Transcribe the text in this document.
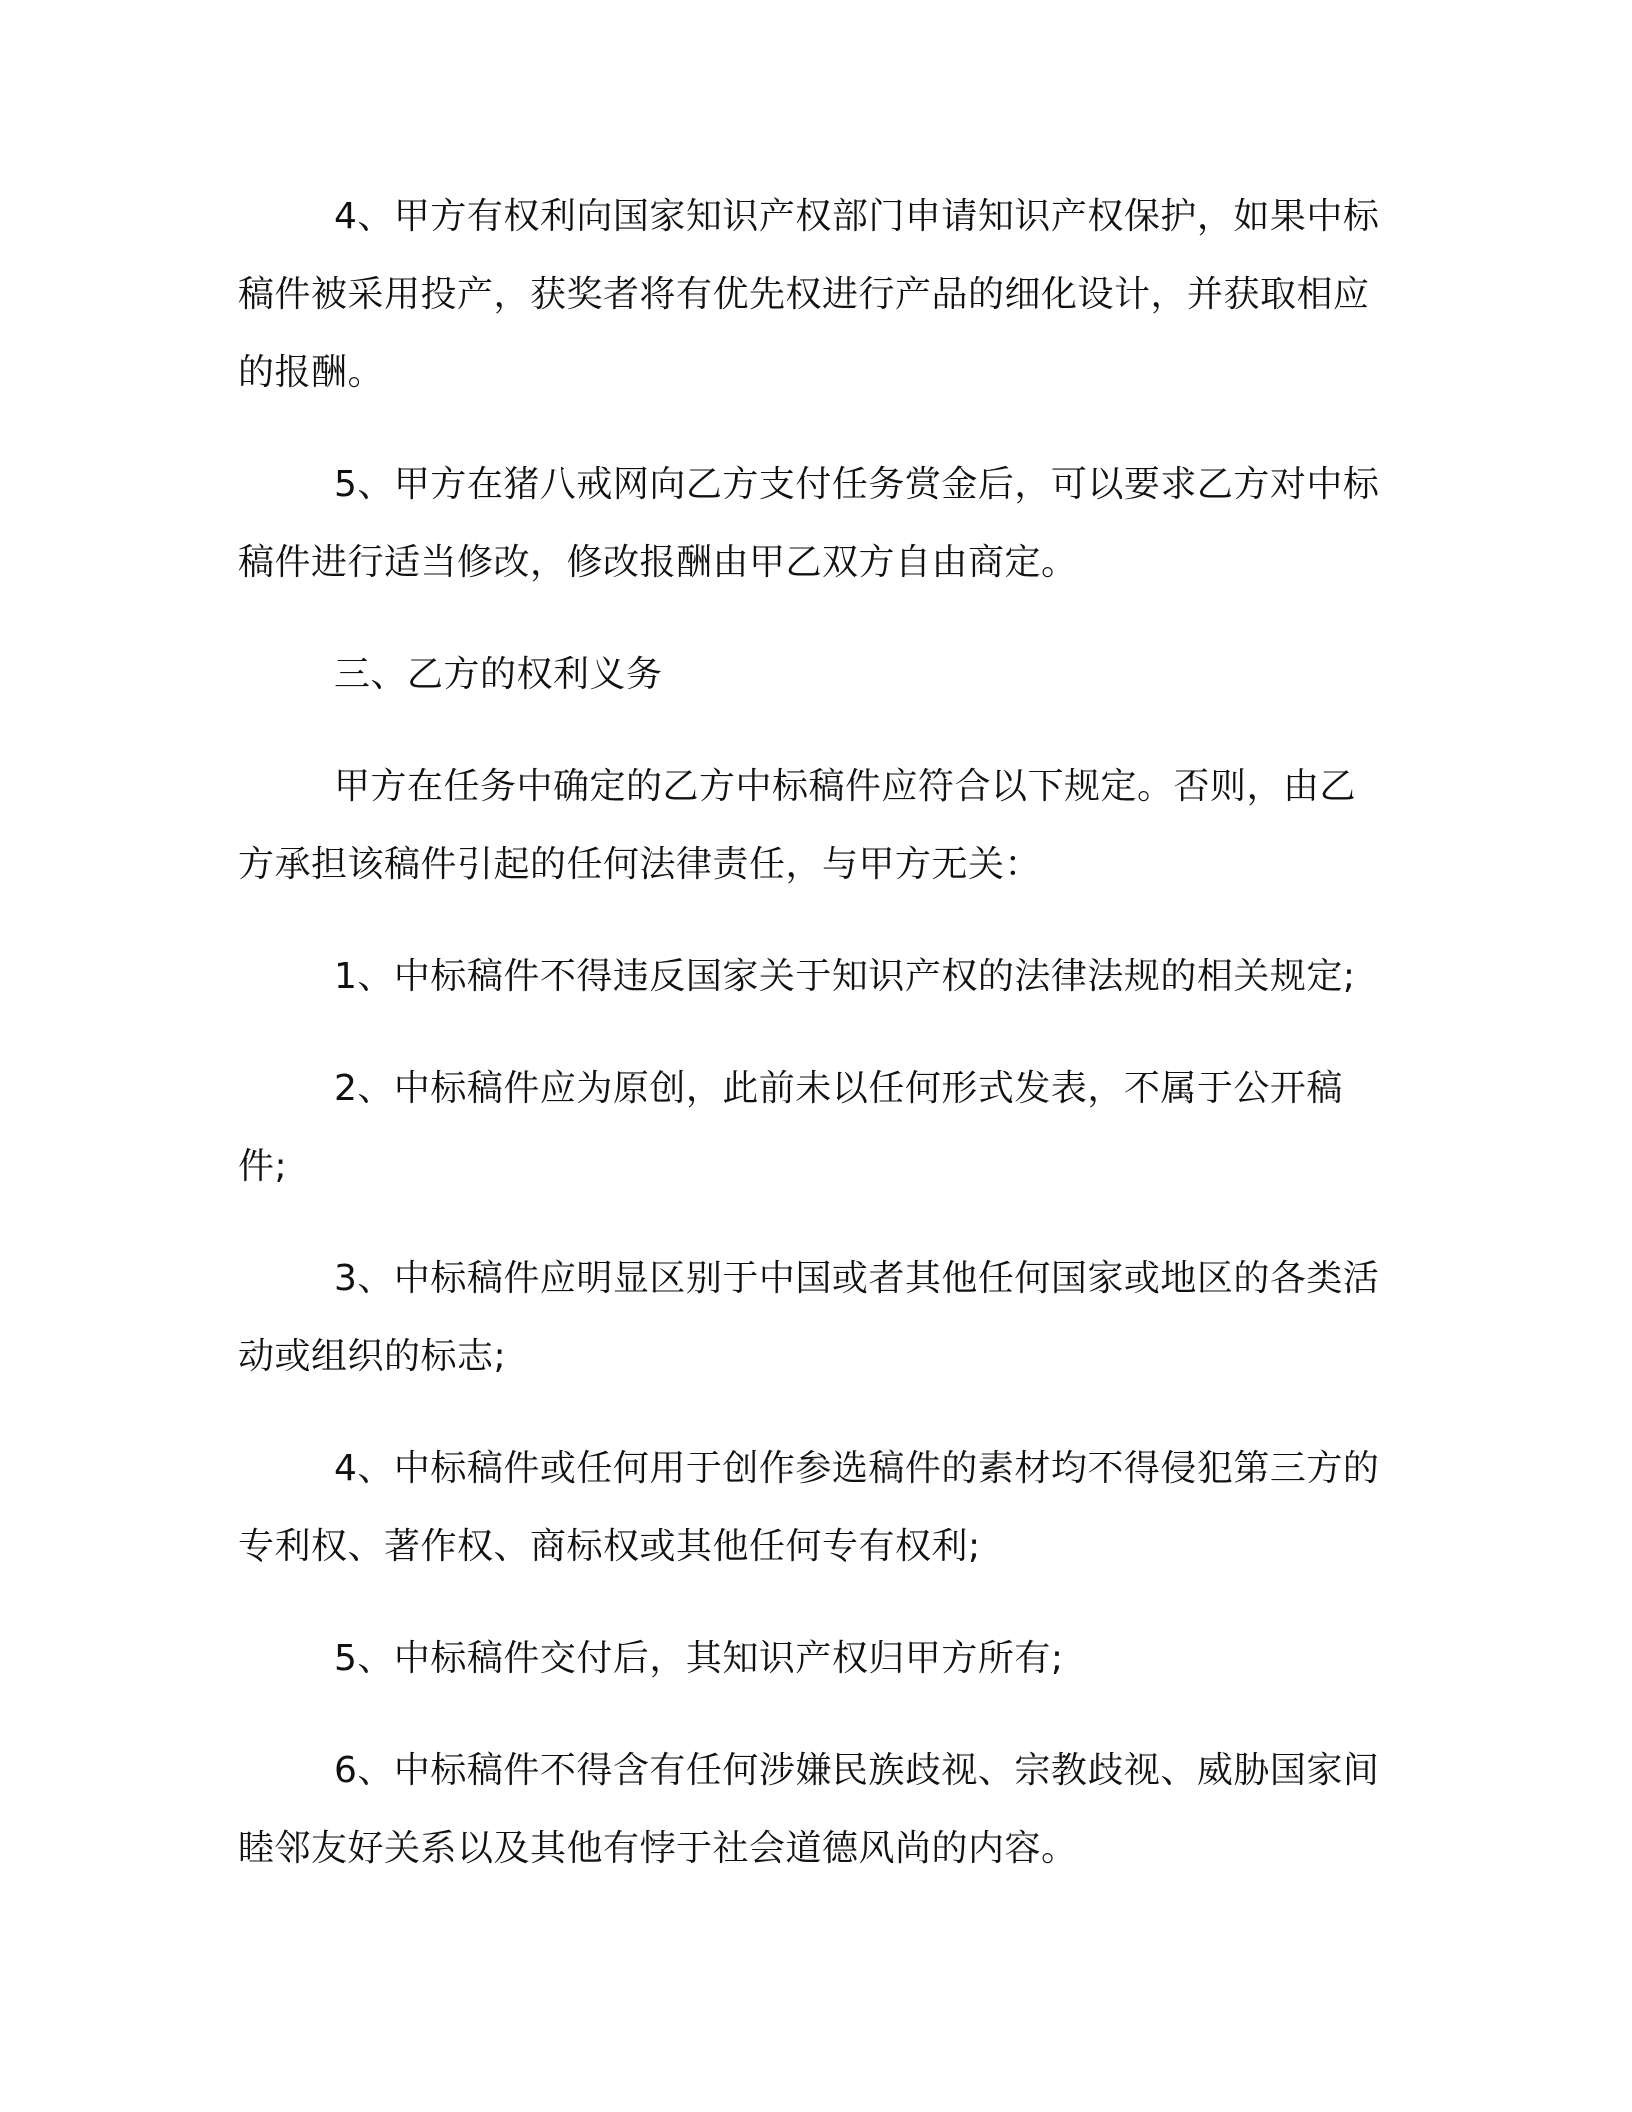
4、甲方有权利向国家知识产权部门申请知识产权保护，如果中标稿件被采用投产，获奖者将有优先权进行产品的细化设计，并获取相应的报酬。

5、甲方在猪八戒网向乙方支付任务赏金后，可以要求乙方对中标稿件进行适当修改，修改报酬由甲乙双方自由商定。

三、乙方的权利义务

甲方在任务中确定的乙方中标稿件应符合以下规定。否则，由乙方承担该稿件引起的任何法律责任，与甲方无关：

1、中标稿件不得违反国家关于知识产权的法律法规的相关规定;

2、中标稿件应为原创，此前未以任何形式发表，不属于公开稿件;

3、中标稿件应明显区别于中国或者其他任何国家或地区的各类活动或组织的标志;

4、中标稿件或任何用于创作参选稿件的素材均不得侵犯第三方的专利权、著作权、商标权或其他任何专有权利;

5、中标稿件交付后，其知识产权归甲方所有;

6、中标稿件不得含有任何涉嫌民族歧视、宗教歧视、威胁国家间睦邻友好关系以及其他有悖于社会道德风尚的内容。
